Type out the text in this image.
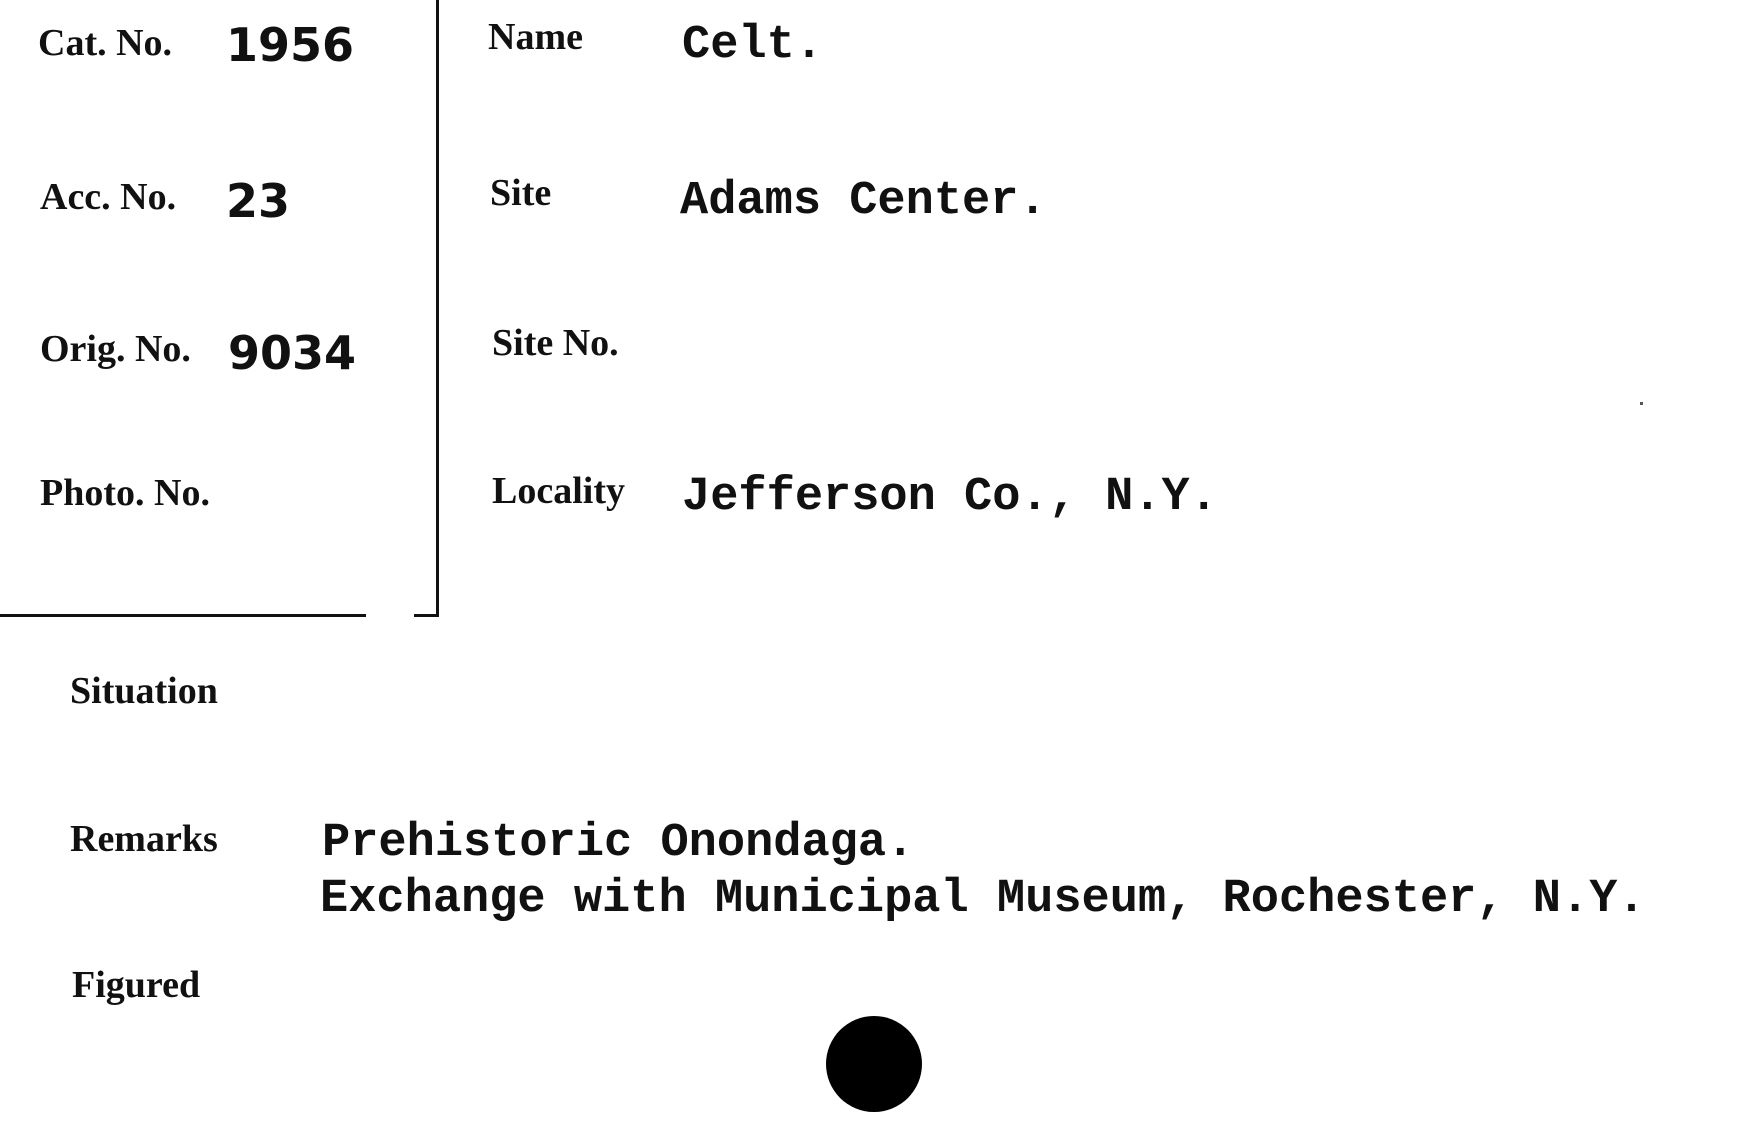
Cat. No. 1956
Acc. No. 23
Orig. No. 9034
Photo. No.
Name Celt.
Site	Adams Center.
Site No.
Locality Jefferson Co., N.Y.
Situation
Remarks Prehistoric Onondaga.
Exchange with Municipal Museum, Rochester, N.Y.
Figured
